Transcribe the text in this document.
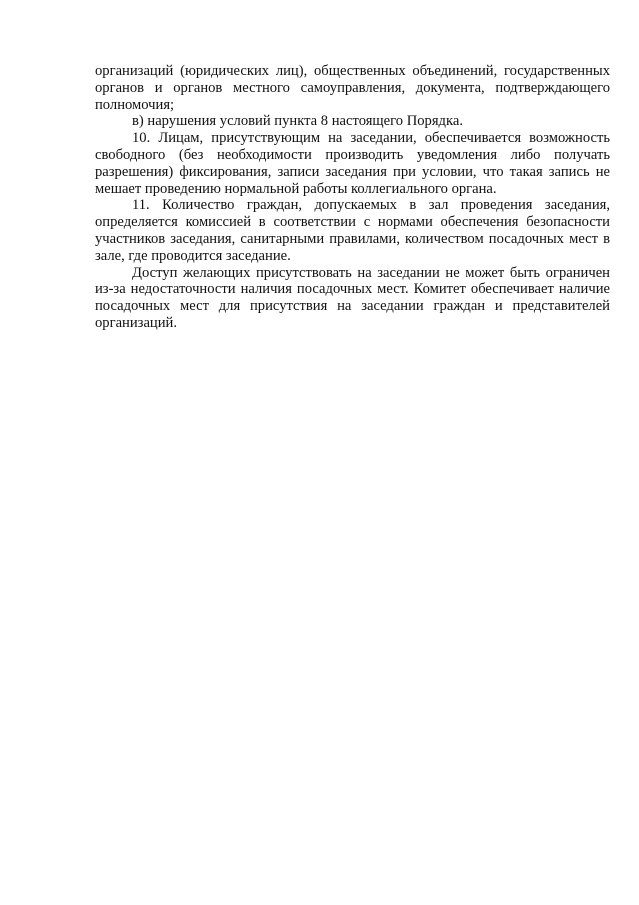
организаций (юридических лиц), общественных объединений, государственных органов и органов местного самоуправления, документа, подтверждающего полномочия;

в) нарушения условий пункта 8 настоящего Порядка.

10. Лицам, присутствующим на заседании, обеспечивается возможность свободного (без необходимости производить уведомления либо получать разрешения) фиксирования, записи заседания при условии, что такая запись не мешает проведению нормальной работы коллегиального органа.

11. Количество граждан, допускаемых в зал проведения заседания, определяется комиссией в соответствии с нормами обеспечения безопасности участников заседания, санитарными правилами, количеством посадочных мест в зале, где проводится заседание.

Доступ желающих присутствовать на заседании не может быть ограничен из-за недостаточности наличия посадочных мест. Комитет обеспечивает наличие посадочных мест для присутствия на заседании граждан и представителей организаций.
